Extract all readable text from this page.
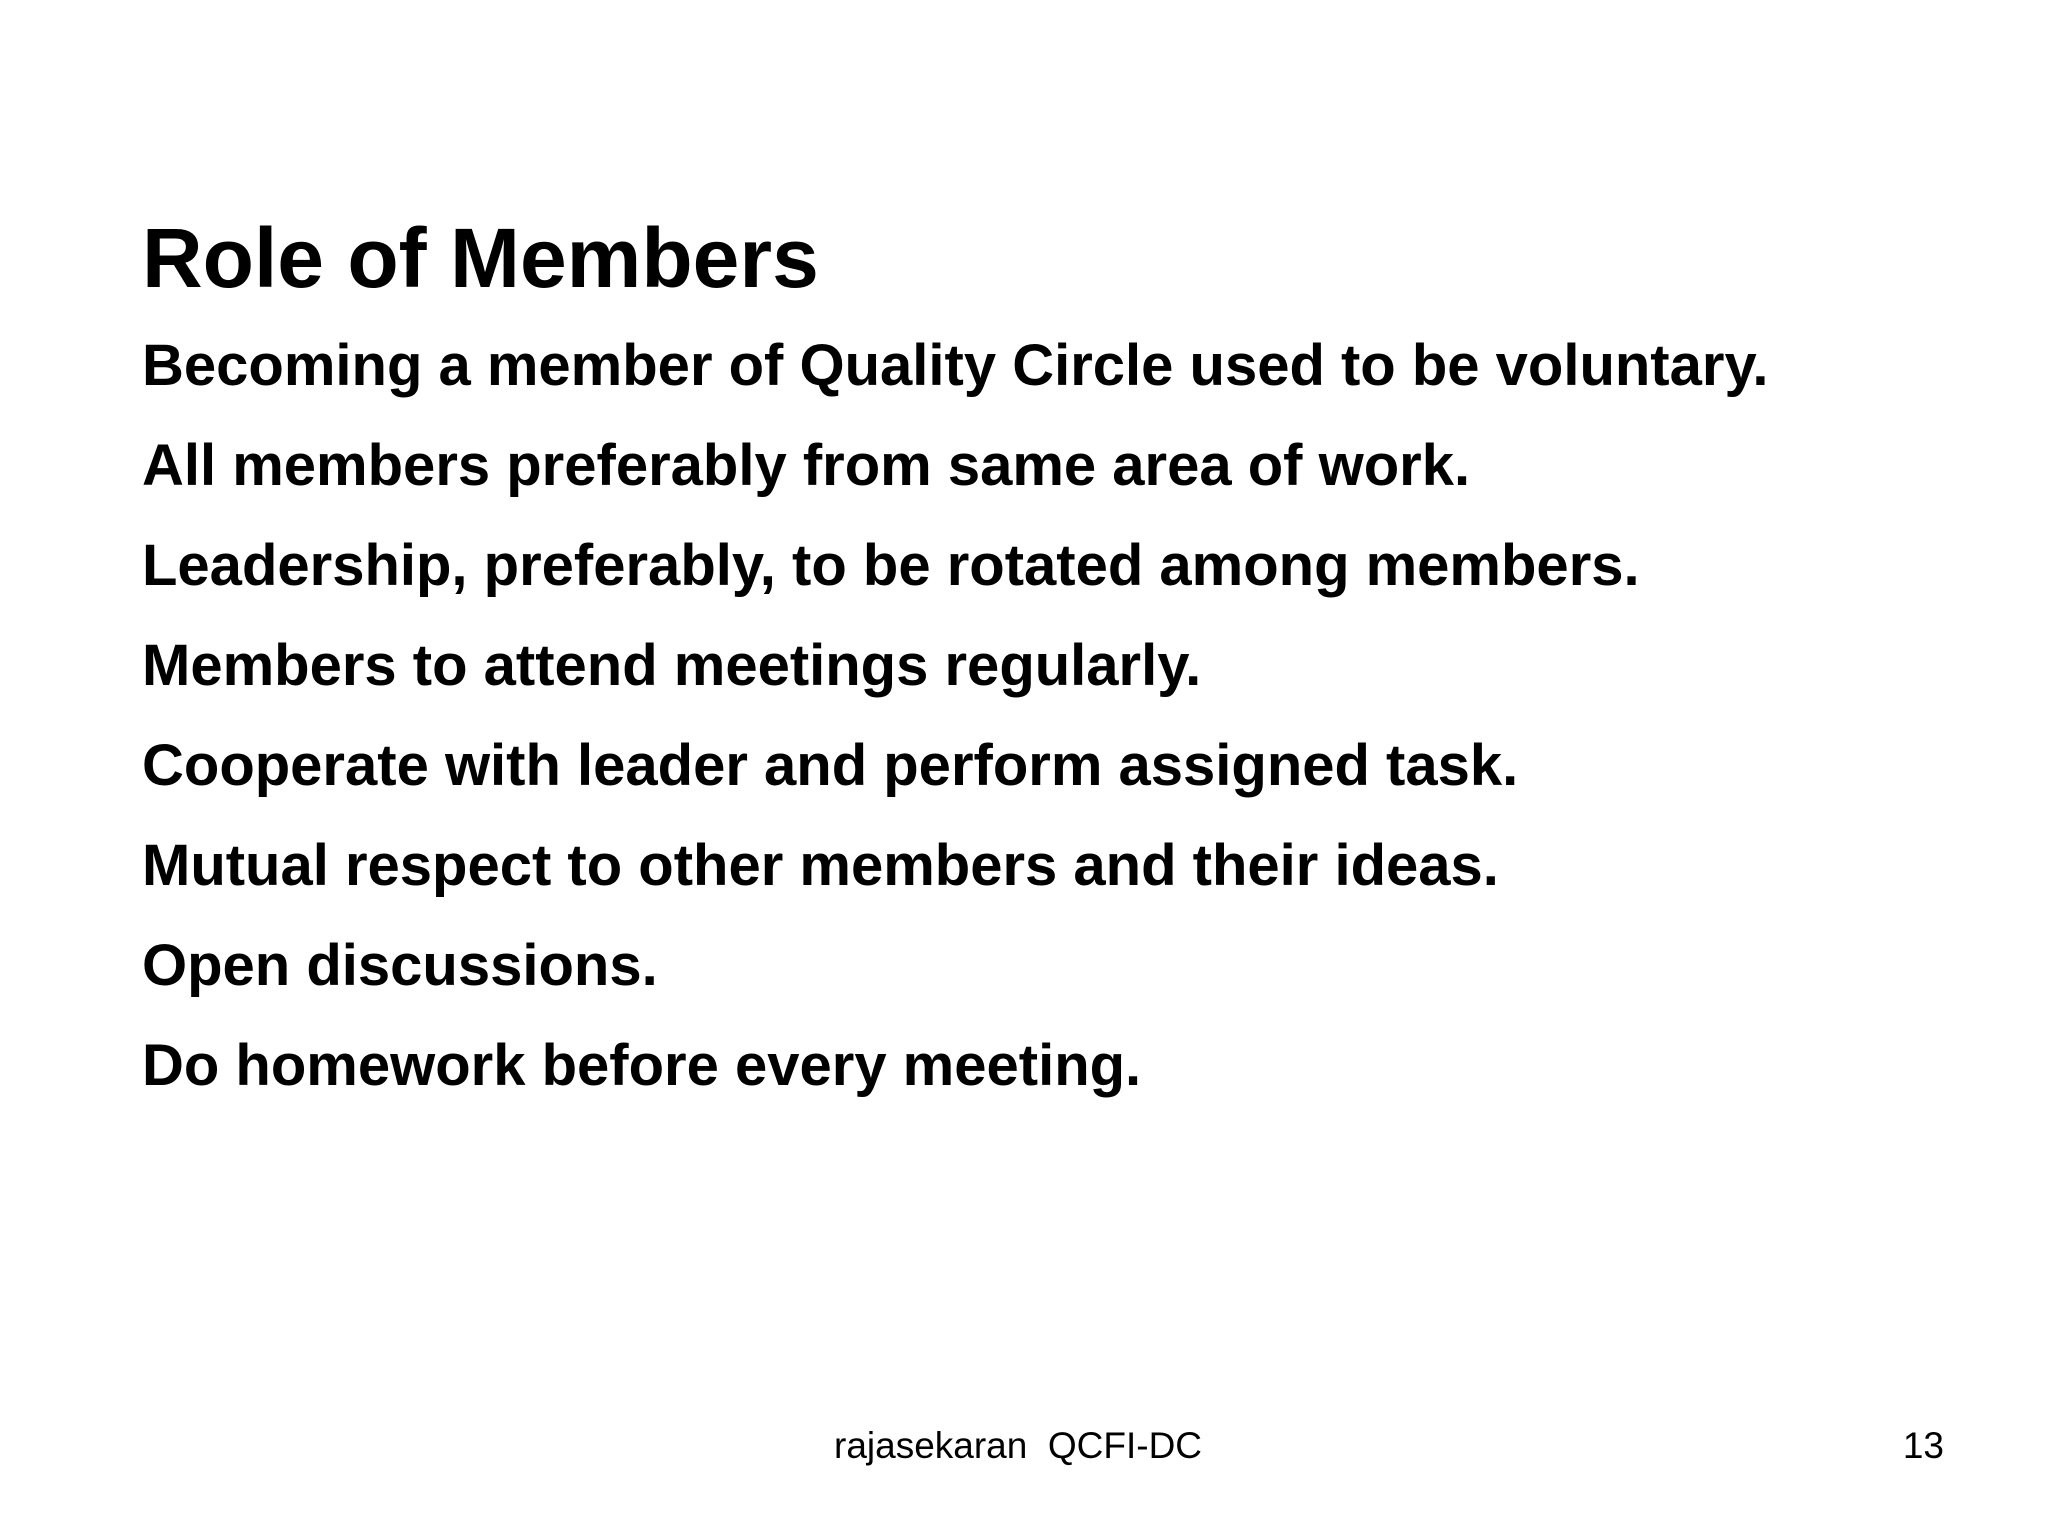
Role of Members
Becoming a member of Quality Circle used to be voluntary.
All members preferably from same area of work.
Leadership, preferably, to be rotated among members.
Members to attend meetings regularly.
Cooperate with leader and perform assigned task.
Mutual respect to other members and their ideas.
Open discussions.
Do homework before every meeting.
rajasekaran  QCFI-DC	13
